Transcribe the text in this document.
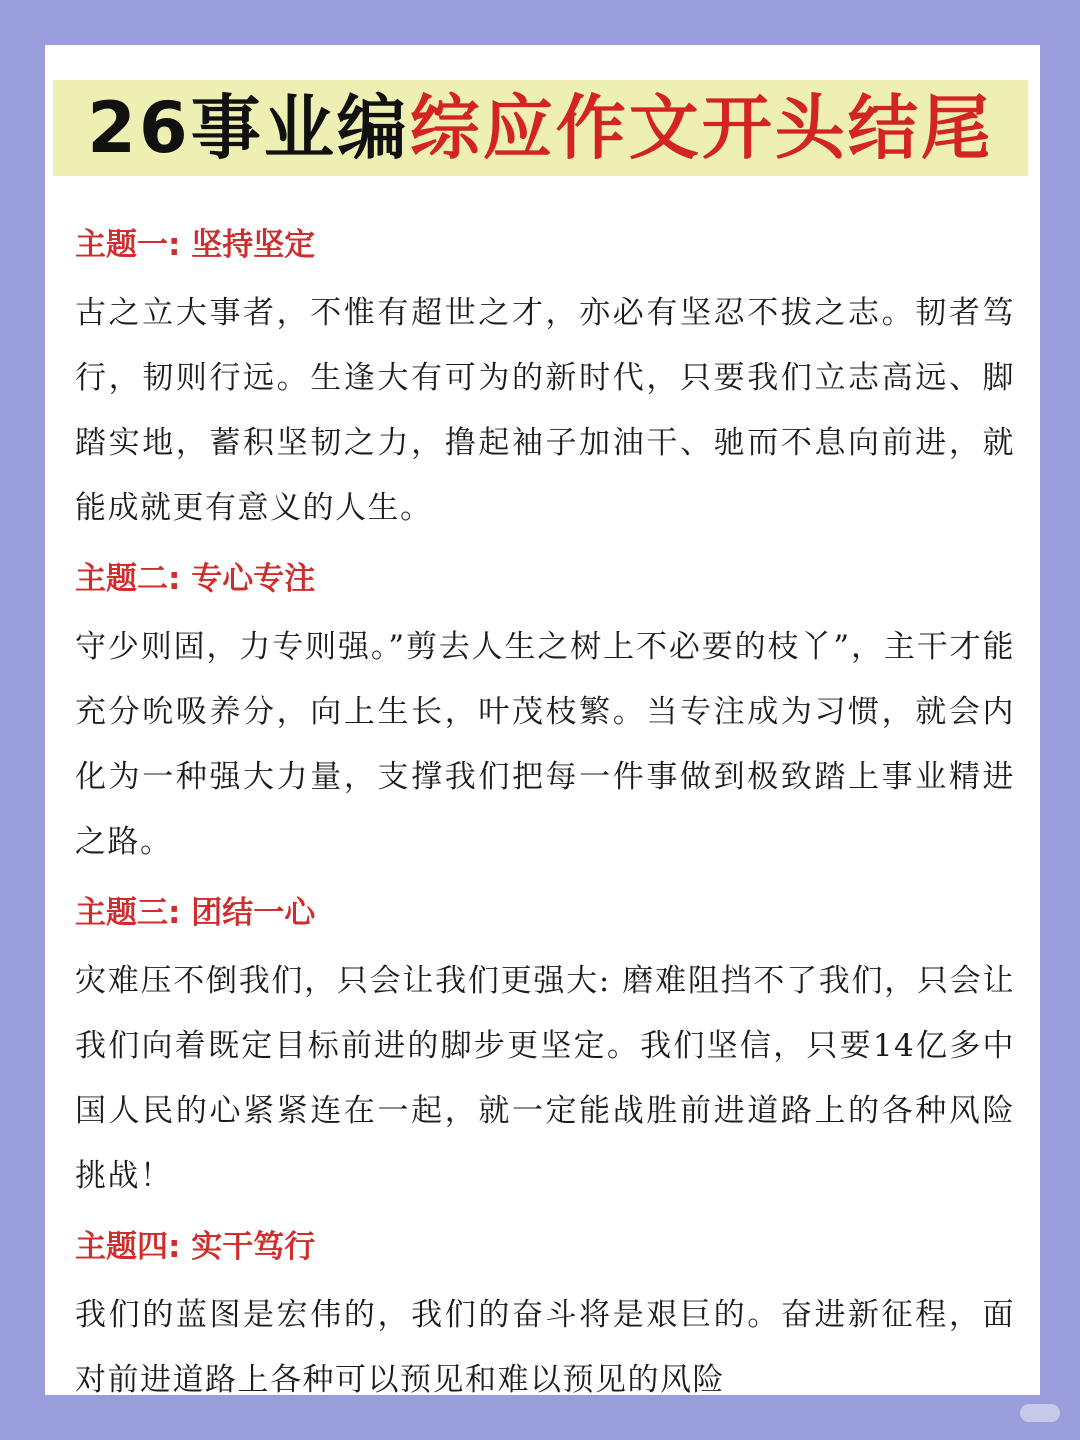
26事业编 综应作文开头结尾
主题一: 坚持坚定

古之立大事者，不惟有超世之才，亦必有坚忍不拔之志。韧者笃行，韧则行远。生逢大有可为的新时代，只要我们立志高远、脚踏实地，蓄积坚韧之力，撸起袖子加油干、驰而不息向前进，就能成就更有意义的人生。

主题二: 专心专注

守少则固，力专则强。”剪去人生之树上不必要的枝丫”，主干才能充分吮吸养分，向上生长，叶茂枝繁。当专注成为习惯，就会内化为一种强大力量，支撑我们把每一件事做到极致踏上事业精进之路。

主题三: 团结一心

灾难压不倒我们，只会让我们更强大: 磨难阻挡不了我们，只会让我们向着既定目标前进的脚步更坚定。我们坚信，只要14亿多中国人民的心紧紧连在一起，就一定能战胜前进道路上的各种风险挑战！

主题四: 实干笃行

我们的蓝图是宏伟的，我们的奋斗将是艰巨的。奋进新征程，面对前进道路上各种可以预见和难以预见的风险
